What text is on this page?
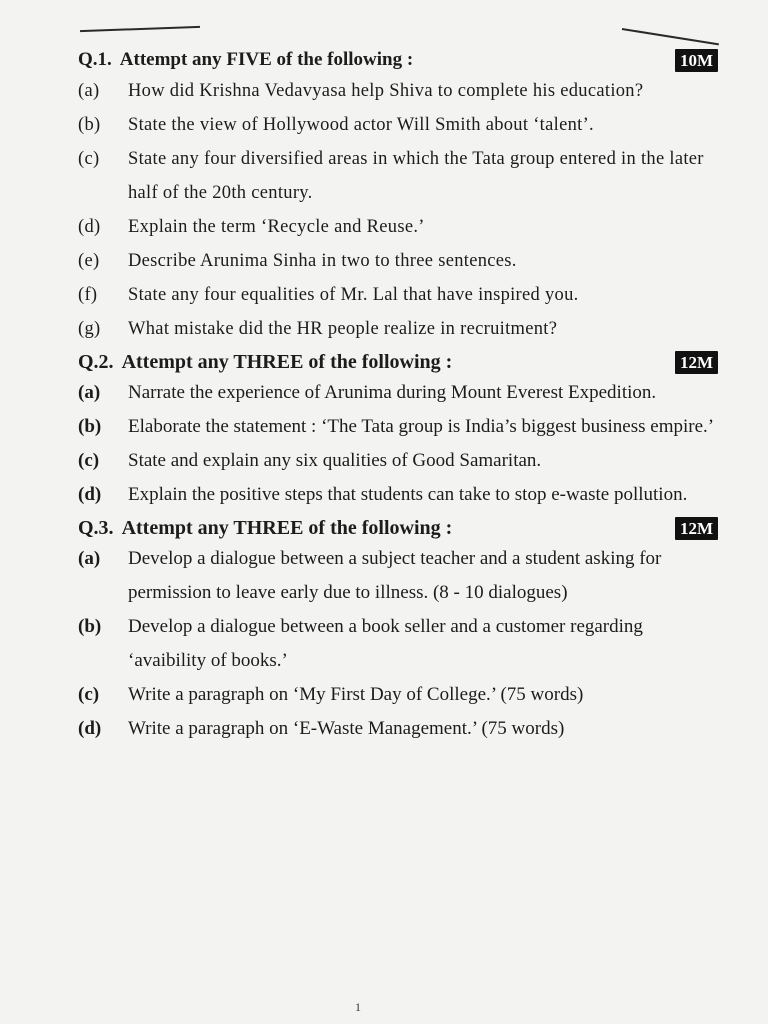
Q.1. Attempt any FIVE of the following :	10M
(a)	How did Krishna Vedavyasa help Shiva to complete his education?
(b)	State the view of Hollywood actor Will Smith about ‘talent’.
(c)	State any four diversified areas in which the Tata group entered in the later half of the 20th century.
(d)	Explain the term ‘Recycle and Reuse.’
(e)	Describe Arunima Sinha in two to three sentences.
(f)	State any four equalities of Mr. Lal that have inspired you.
(g)	What mistake did the HR people realize in recruitment?
Q.2. Attempt any THREE of the following :	12M
(a)	Narrate the experience of Arunima during Mount Everest Expedition.
(b)	Elaborate the statement : ‘The Tata group is India’s biggest business empire.’
(c)	State and explain any six qualities of Good Samaritan.
(d)	Explain the positive steps that students can take to stop e-waste pollution.
Q.3. Attempt any THREE of the following :	12M
(a)	Develop a dialogue between a subject teacher and a student asking for permission to leave early due to illness. (8 - 10 dialogues)
(b)	Develop a dialogue between a book seller and a customer regarding ‘avaibility of books.’
(c)	Write a paragraph on ‘My First Day of College.’ (75 words)
(d)	Write a paragraph on ‘E-Waste Management.’ (75 words)
1
